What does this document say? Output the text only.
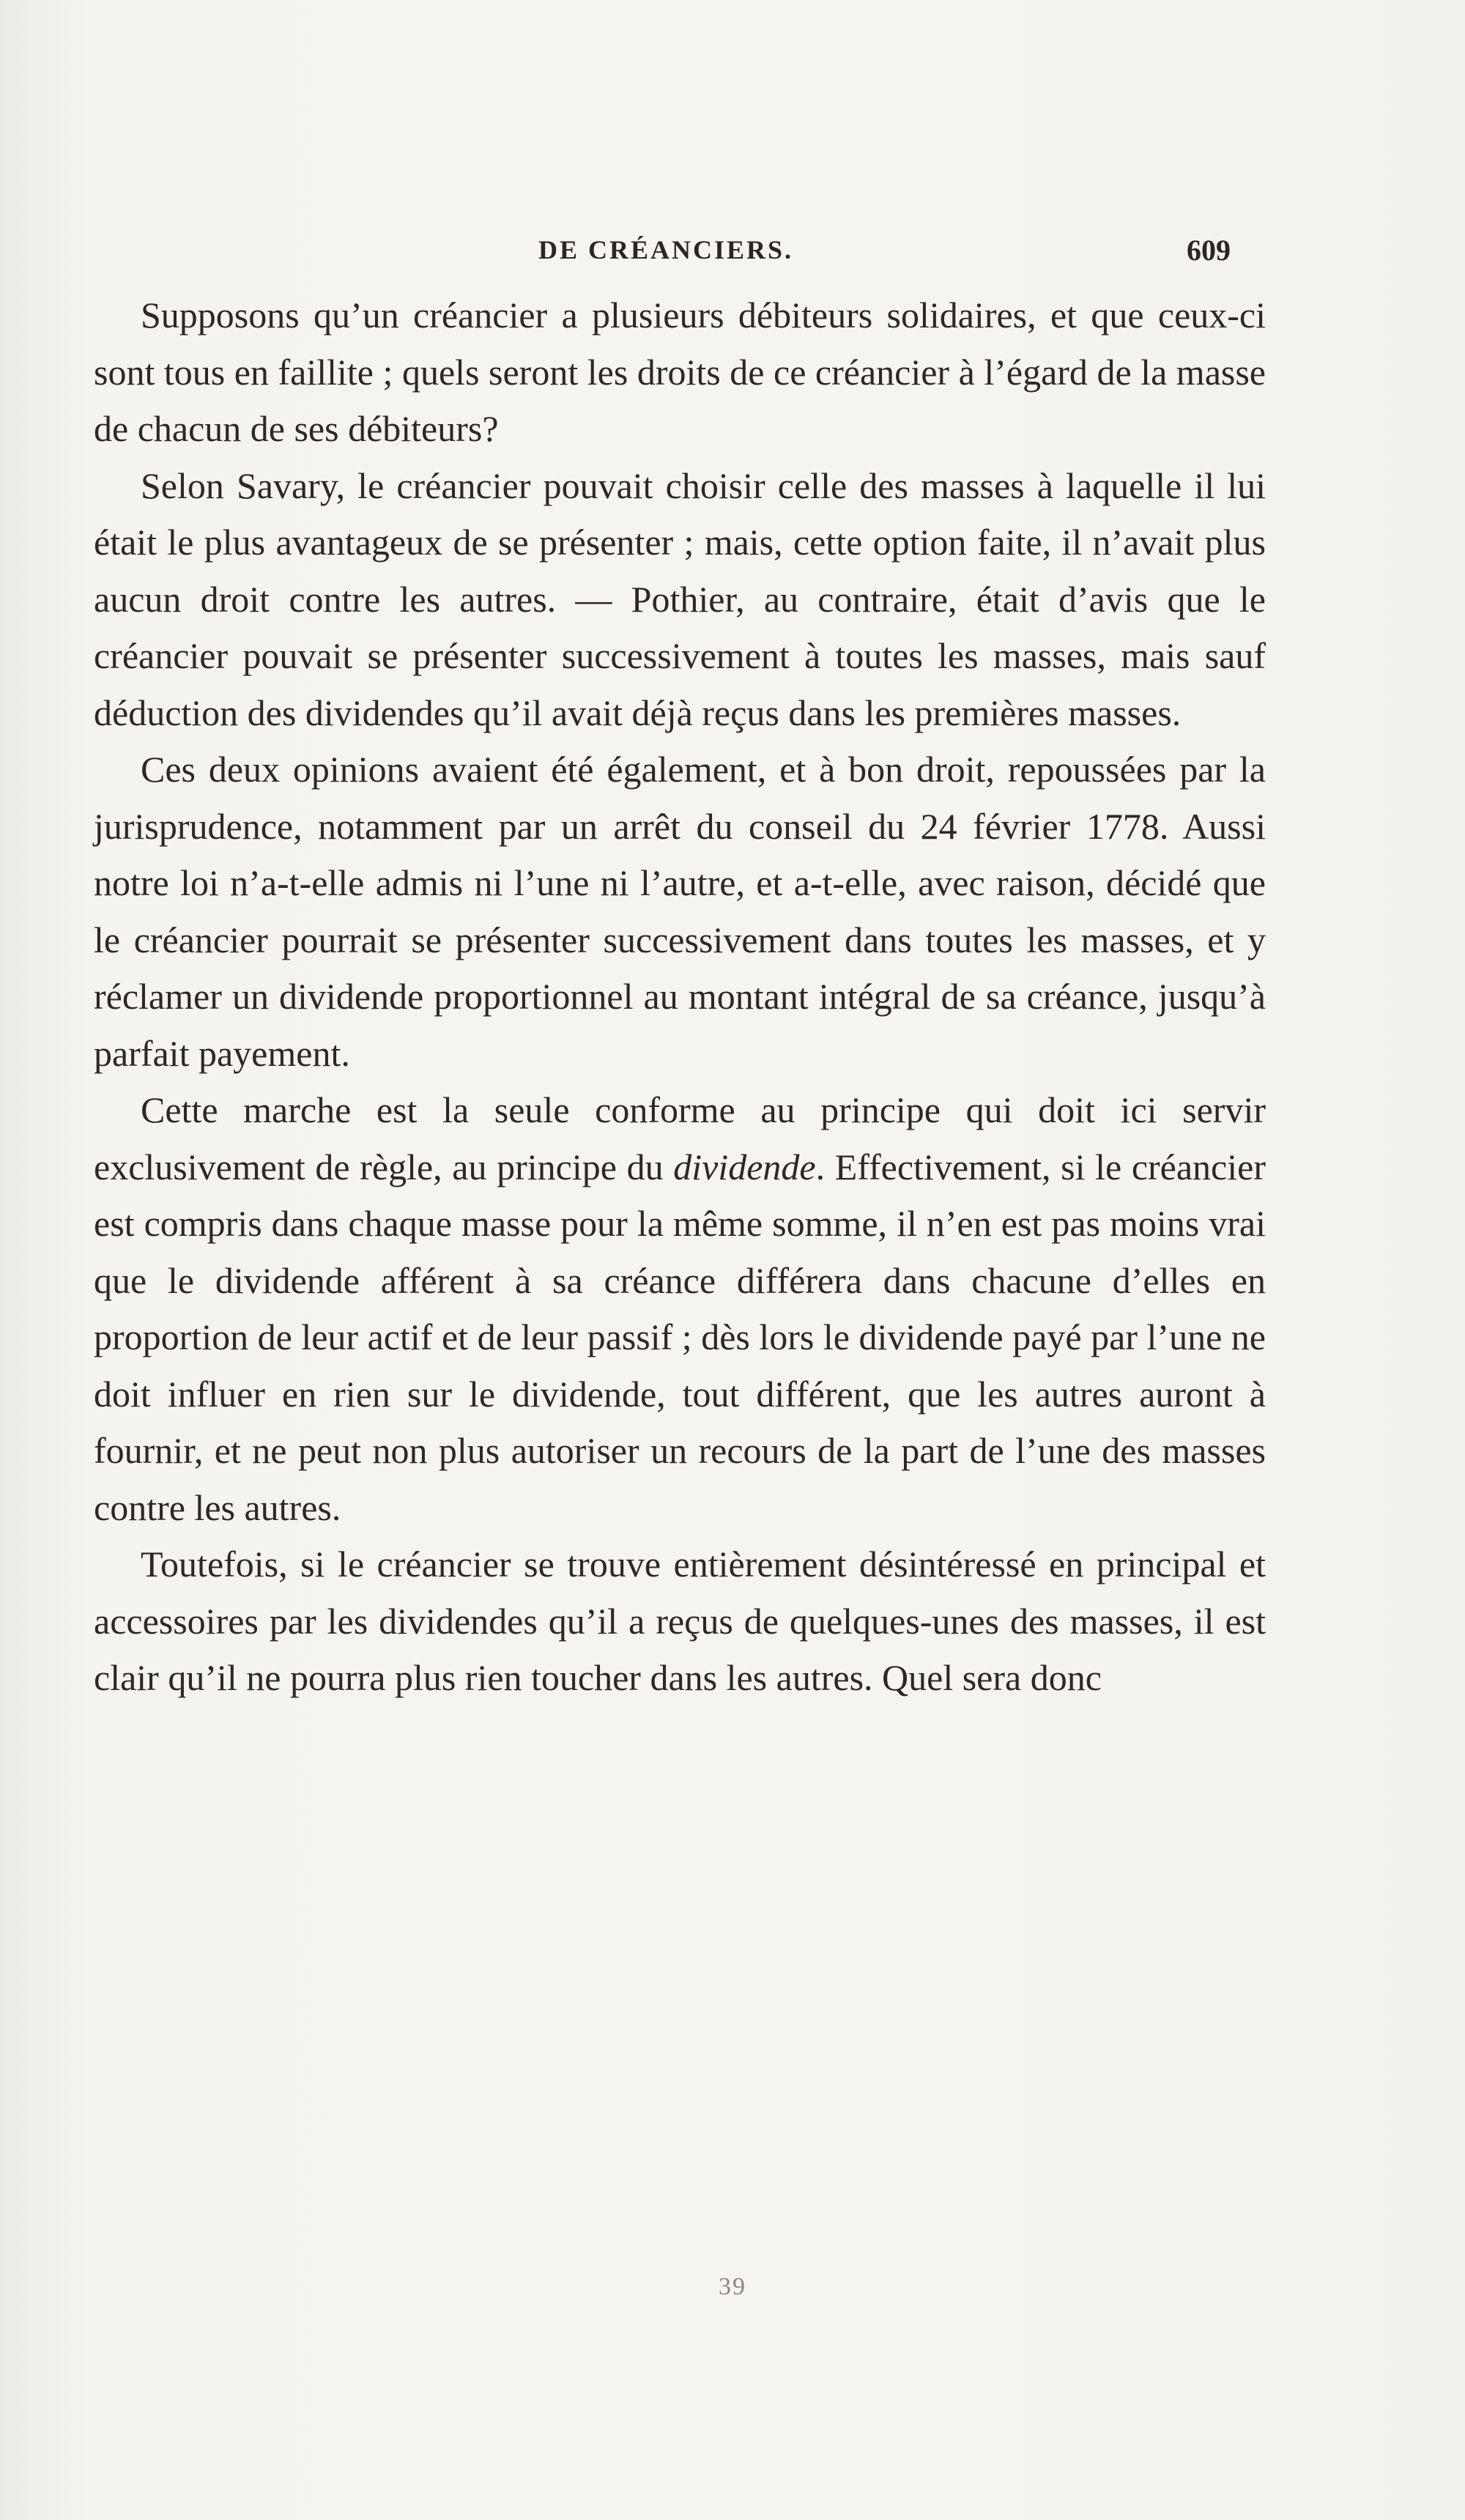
DE CRÉANCIERS.	609

Supposons qu’un créancier a plusieurs débiteurs solidaires, et que ceux-ci sont tous en faillite ; quels seront les droits de ce créancier à l’égard de la masse de chacun de ses débiteurs?

Selon Savary, le créancier pouvait choisir celle des masses à laquelle il lui était le plus avantageux de se présenter ; mais, cette option faite, il n’avait plus aucun droit contre les autres. — Pothier, au contraire, était d’avis que le créancier pouvait se présenter successivement à toutes les masses, mais sauf déduction des dividendes qu’il avait déjà reçus dans les premières masses.

Ces deux opinions avaient été également, et à bon droit, repoussées par la jurisprudence, notamment par un arrêt du conseil du 24 février 1778. Aussi notre loi n’a-t-elle admis ni l’une ni l’autre, et a-t-elle, avec raison, décidé que le créancier pourrait se présenter successivement dans toutes les masses, et y réclamer un dividende proportionnel au montant intégral de sa créance, jusqu’à parfait payement.

Cette marche est la seule conforme au principe qui doit ici servir exclusivement de règle, au principe du dividende. Effectivement, si le créancier est compris dans chaque masse pour la même somme, il n’en est pas moins vrai que le dividende afférent à sa créance différera dans chacune d’elles en proportion de leur actif et de leur passif ; dès lors le dividende payé par l’une ne doit influer en rien sur le dividende, tout différent, que les autres auront à fournir, et ne peut non plus autoriser un recours de la part de l’une des masses contre les autres.

Toutefois, si le créancier se trouve entièrement désintéressé en principal et accessoires par les dividendes qu’il a reçus de quelques-unes des masses, il est clair qu’il ne pourra plus rien toucher dans les autres. Quel sera donc

39
